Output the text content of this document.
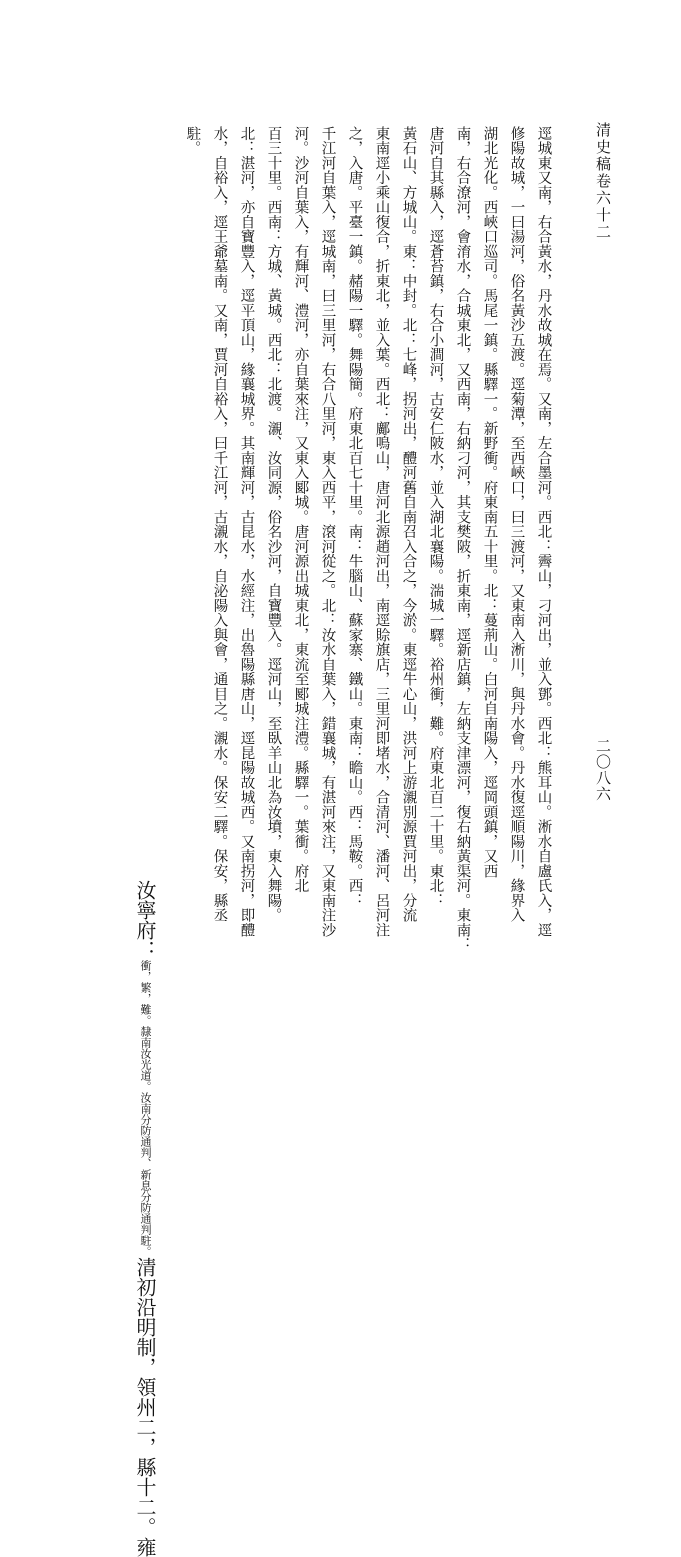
清史稿卷六十二
二〇八六
逕城東又南，右合黃水，丹水故城在焉。又南，左合墨河。西北：霽山，刁河出，並入鄧。西北：熊耳山。淅水自盧氏入，逕
修陽故城，一曰湯河，俗名黃沙五渡。逕菊潭，至西峽口，曰三渡河，又東南入淅川，與丹水會。丹水復逕順陽川，緣界入
湖北光化。西峽口巡司。馬尾一鎮。縣驛一。新野衝。府東南五十里。北：蔓荊山。白河自南陽入，逕岡頭鎮，又西
南，右合潦河，會淯水，合城東北，又西南，右納刁河，其支樊陂，折東南，逕新店鎮，左納支津漂河，復右納黃渠河。東南：
唐河自其縣入，逕蒼苔鎮，右合小澗河，古安仁陂水，並入湖北襄陽。湍城一驛。裕州衝，難。府東北百二十里。東北：
黃石山、方城山。東：中封。北：七峰，拐河出，醴河舊自南召入合之，今淤。東逕牛心山，洪河上游瀙別源賈河出，分流
東南逕小乘山復合，折東北，並入葉。西北：鄺鳴山，唐河北源趙河出，南逕賒旗店，三里河即堵水，合清河、潘河、呂河注
之，入唐。平臺一鎮。赭陽一驛。舞陽簡。府東北百七十里。南：牛腦山、蘇家寨、鐵山。東南：瞻山。西：馬鞍。西：
千江河自葉入，逕城南，曰三里河，右合八里河，東入西平，滾河從之。北：汝水自葉入，錯襄城，有湛河來注，又東南注沙
河。沙河自葉入，有輝河、澧河，亦自葉來注，又東入郾城。唐河源出城東北，東流至郾城注澧。縣驛一。葉衝。府北
百三十里。西南：方城、黃城。西北：北渡。瀙、汝同源，俗名沙河，自寶豐入。逕河山，至臥羊山北為汝墳，東入舞陽。
北：湛河，亦自寶豐入，逕平頂山，緣襄城界。其南輝河，古昆水，水經注，出魯陽縣唐山，逕昆陽故城西。又南拐河，即醴
水，自裕入，逕王爺墓南。又南，賈河自裕入，曰千江河，古瀙水，自泌陽入與會，通目之。瀙水。保安二驛。保安，縣丞
駐。
汝寧府：衝，繁，難。隸南汝光道。汝南分防通判、新息分防通判駐。清初沿明制，領州二，縣十二。雍
